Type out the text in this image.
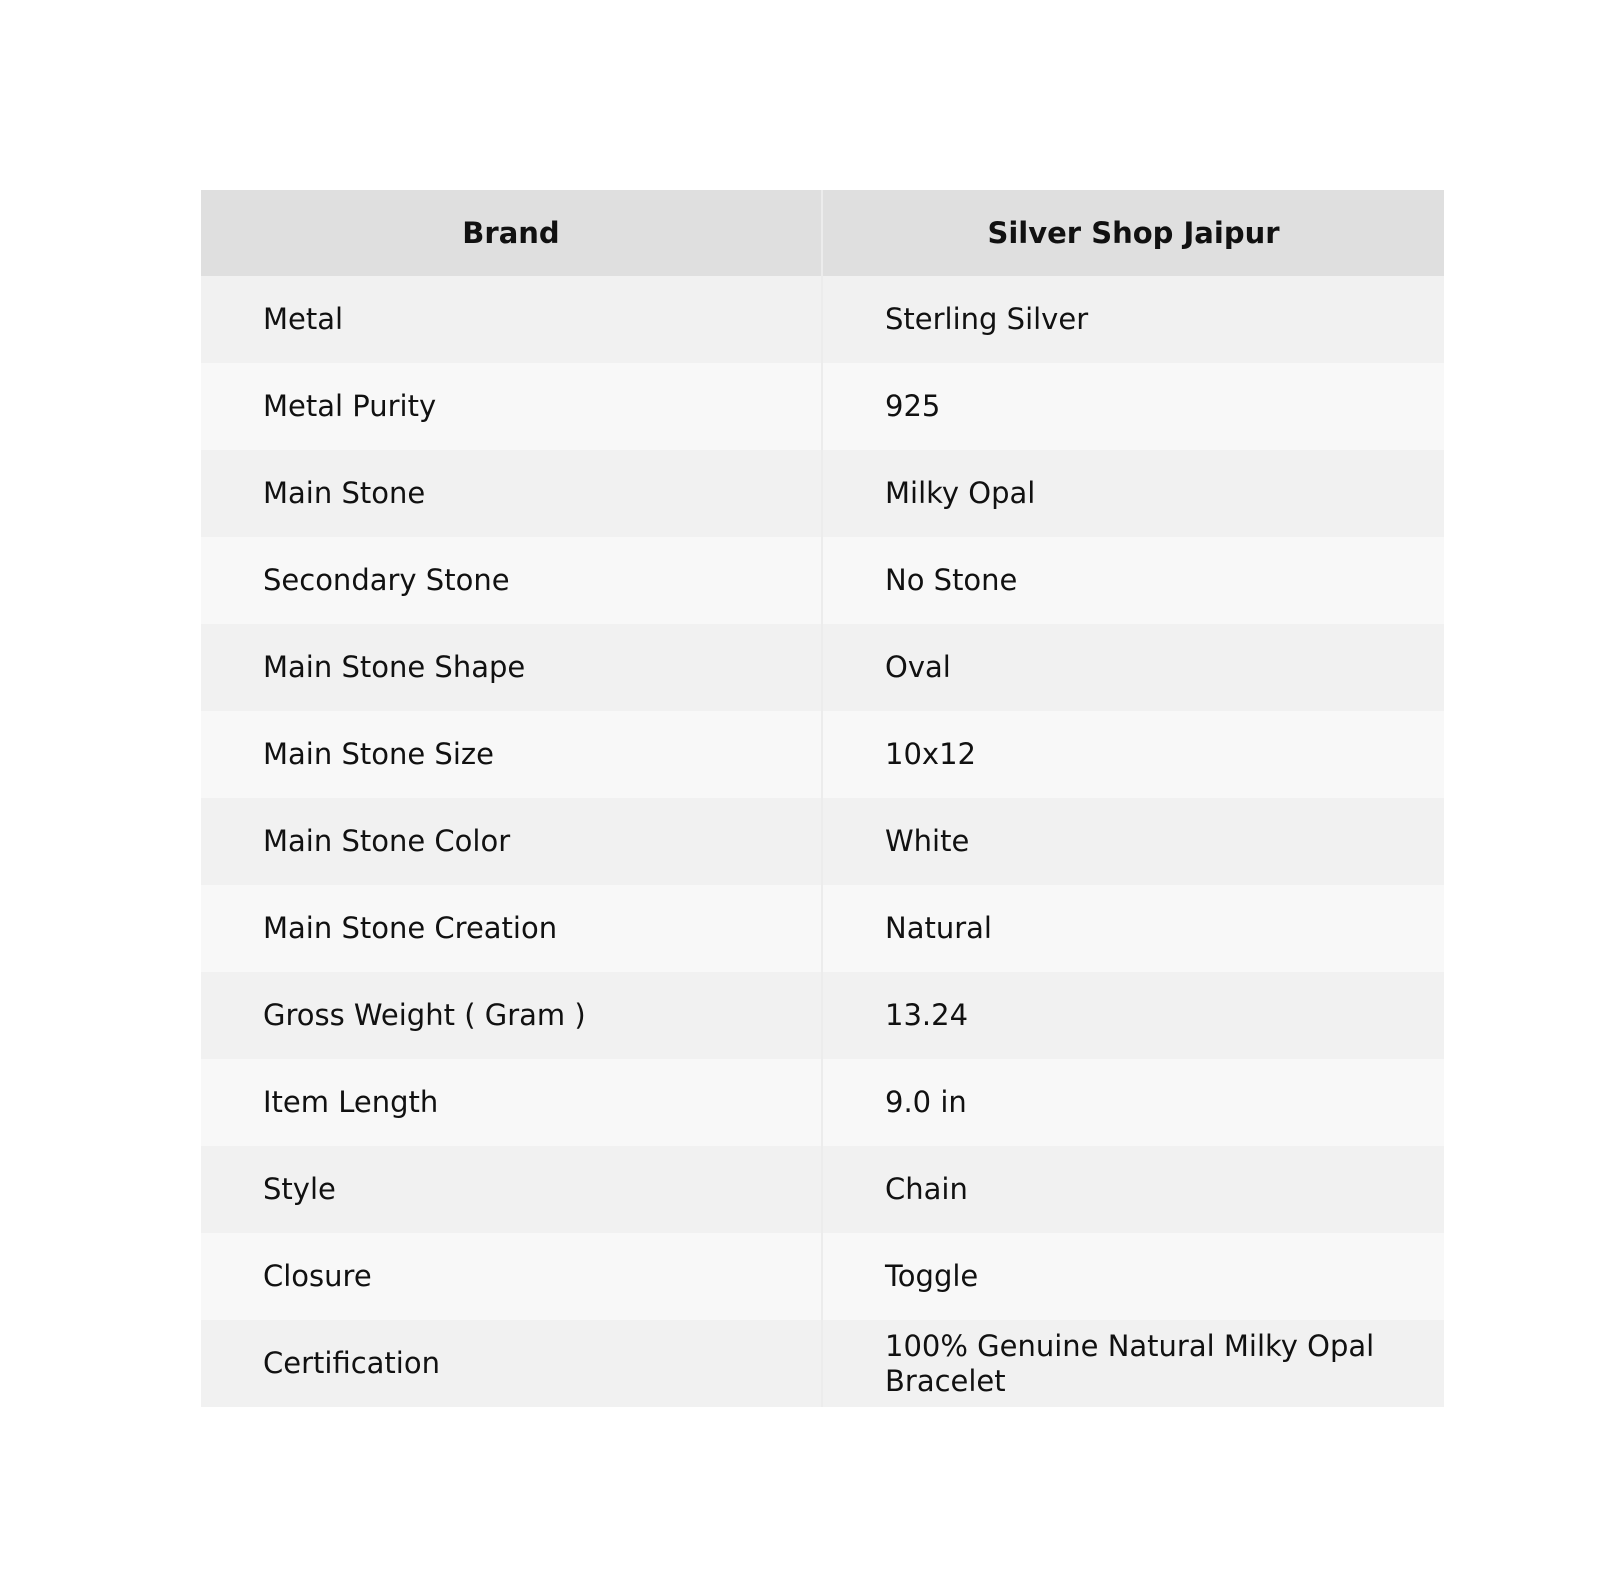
Brand	Silver Shop Jaipur
Metal	Sterling Silver
Metal Purity	925
Main Stone	Milky Opal
Secondary Stone	No Stone
Main Stone Shape	Oval
Main Stone Size	10x12
Main Stone Color	White
Main Stone Creation	Natural
Gross Weight ( Gram )	13.24
Item Length	9.0 in
Style	Chain
Closure	Toggle
Certification	100% Genuine Natural Milky Opal Bracelet
